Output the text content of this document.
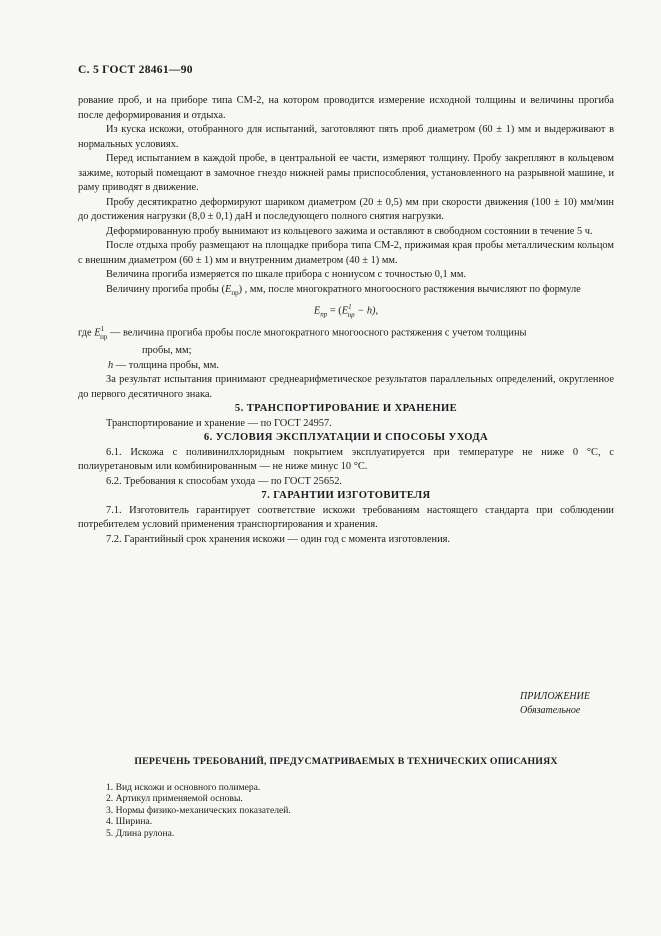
С. 5 ГОСТ 28461—90

рование проб, и на приборе типа СМ-2, на котором проводится измерение исходной толщины и величины прогиба после деформирования и отдыха.

Из куска искожи, отобранного для испытаний, заготовляют пять проб диаметром (60 ± 1) мм и выдерживают в нормальных условиях.

Перед испытанием в каждой пробе, в центральной ее части, измеряют толщину. Пробу закрепляют в кольцевом зажиме, который помещают в замочное гнездо нижней рамы приспособления, установленного на разрывной машине, и раму приводят в движение.

Пробу десятикратно деформируют шариком диаметром (20 ± 0,5) мм при скорости движения (100 ± 10) мм/мин до достижения нагрузки (8,0 ± 0,1) даН и последующего полного снятия нагрузки.

Деформированную пробу вынимают из кольцевого зажима и оставляют в свободном состоянии в течение 5 ч.

После отдыха пробу размещают на площадке прибора типа СМ-2, прижимая края пробы металлическим кольцом с внешним диаметром (60 ± 1) мм и внутренним диаметром (40 ± 1) мм.

Величина прогиба измеряется по шкале прибора с нониусом с точностью 0,1 мм.

Величину прогиба пробы $(E_{пр})$ , мм, после многократного многоосного растяжения вычисляют по формуле

$E_{пр} = (E^1_{пр} - h)$,

где $E^1_{пр}$ — величина прогиба пробы после многократного многоосного растяжения с учетом толщины

пробы, мм;

h — толщина пробы, мм.

За результат испытания принимают среднеарифметическое результатов параллельных определений, округленное до первого десятичного знака.

5. ТРАНСПОРТИРОВАНИЕ И ХРАНЕНИЕ

Транспортирование и хранение — по ГОСТ 24957.

6. УСЛОВИЯ ЭКСПЛУАТАЦИИ И СПОСОБЫ УХОДА

6.1. Искожа с поливинилхлоридным покрытием эксплуатируется при температуре не ниже 0 °С, с полиуретановым или комбинированным — не ниже минус 10 °С.

6.2. Требования к способам ухода — по ГОСТ 25652.

7. ГАРАНТИИ ИЗГОТОВИТЕЛЯ

7.1. Изготовитель гарантирует соответствие искожи требованиям настоящего стандарта при соблюдении потребителем условий применения транспортирования и хранения.

7.2. Гарантийный срок хранения искожи — один год с момента изготовления.

ПРИЛОЖЕНИЕ
Обязательное
ПЕРЕЧЕНЬ ТРЕБОВАНИЙ, ПРЕДУСМАТРИВАЕМЫХ В ТЕХНИЧЕСКИХ ОПИСАНИЯХ
1. Вид искожи и основного полимера.
2. Артикул применяемой основы.
3. Нормы физико-механических показателей.
4. Ширина.
5. Длина рулона.
